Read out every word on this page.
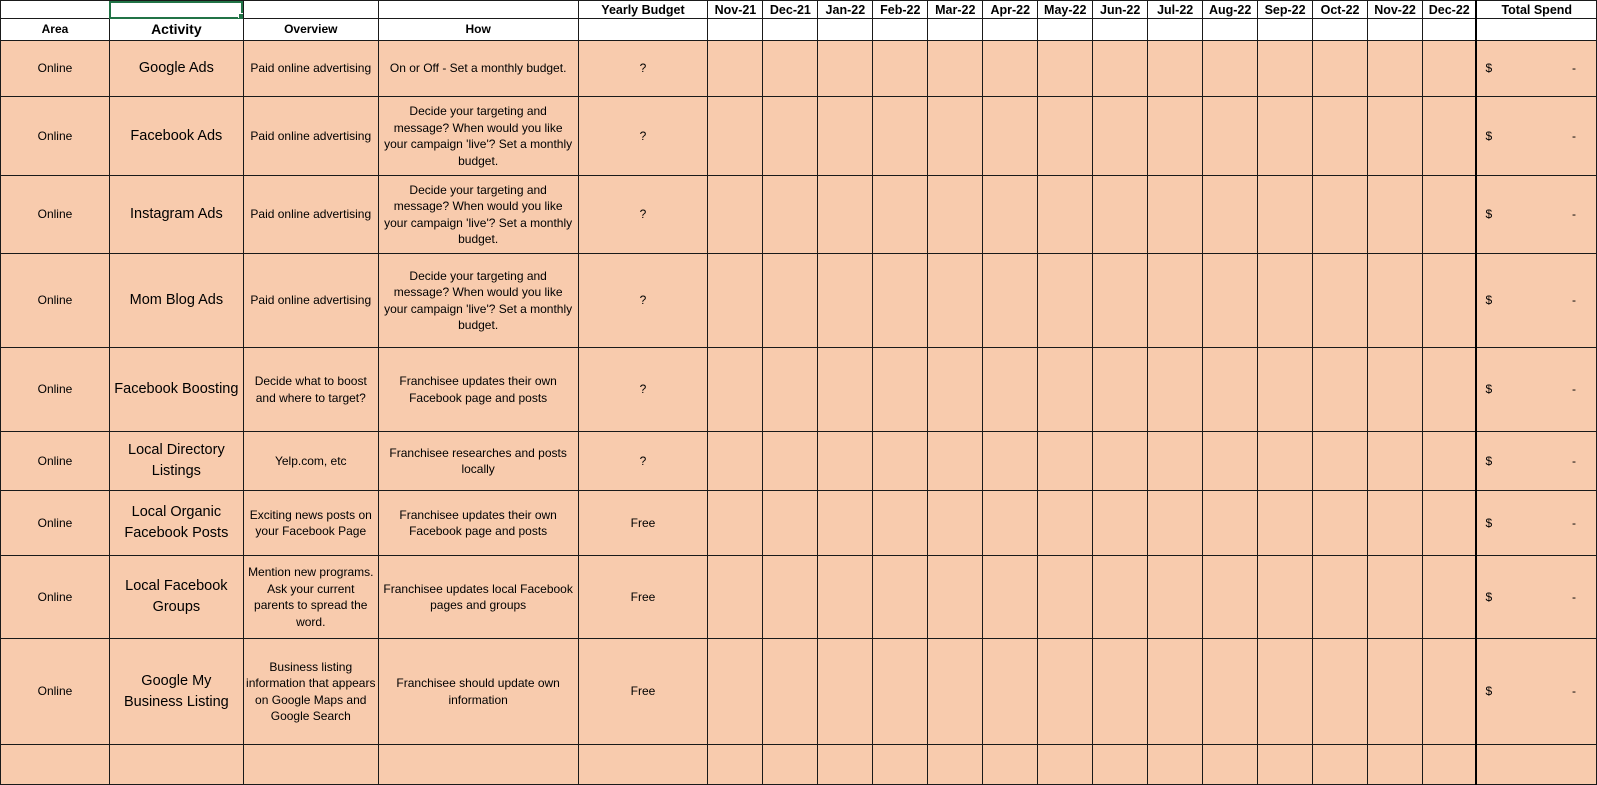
			Yearly Budget	Nov-21	Dec-21	Jan-22	Feb-22	Mar-22	Apr-22	May-22	Jun-22	Jul-22	Aug-22	Sep-22	Oct-22	Nov-22	Dec-22	Total Spend
Area	Activity	Overview	How																
Online	Google Ads	Paid online advertising	On or Off - Set a monthly budget.	?															$ -

Online	Facebook Ads	Paid online advertising	Decide your targeting and message? When would you like your campaign 'live'? Set a monthly budget.	?															$ -

Online	Instagram Ads	Paid online advertising	Decide your targeting and message? When would you like your campaign 'live'? Set a monthly budget.	?															$ -

Online	Mom Blog Ads	Paid online advertising	Decide your targeting and message? When would you like your campaign 'live'? Set a monthly budget.	?															$ -

Online	Facebook Boosting	Decide what to boost and where to target?	Franchisee updates their own Facebook page and posts	?															$ -

Online	Local Directory Listings	Yelp.com, etc	Franchisee researches and posts locally	?															$ -

Online	Local Organic Facebook Posts	Exciting news posts on your Facebook Page	Franchisee updates their own Facebook page and posts	Free															$ -

Online	Local Facebook Groups	Mention new programs. Ask your current parents to spread the word.	Franchisee updates local Facebook pages and groups	Free															$ -

Online	Google My Business Listing	Business listing information that appears on Google Maps and Google Search	Franchisee should update own information	Free															$ -
